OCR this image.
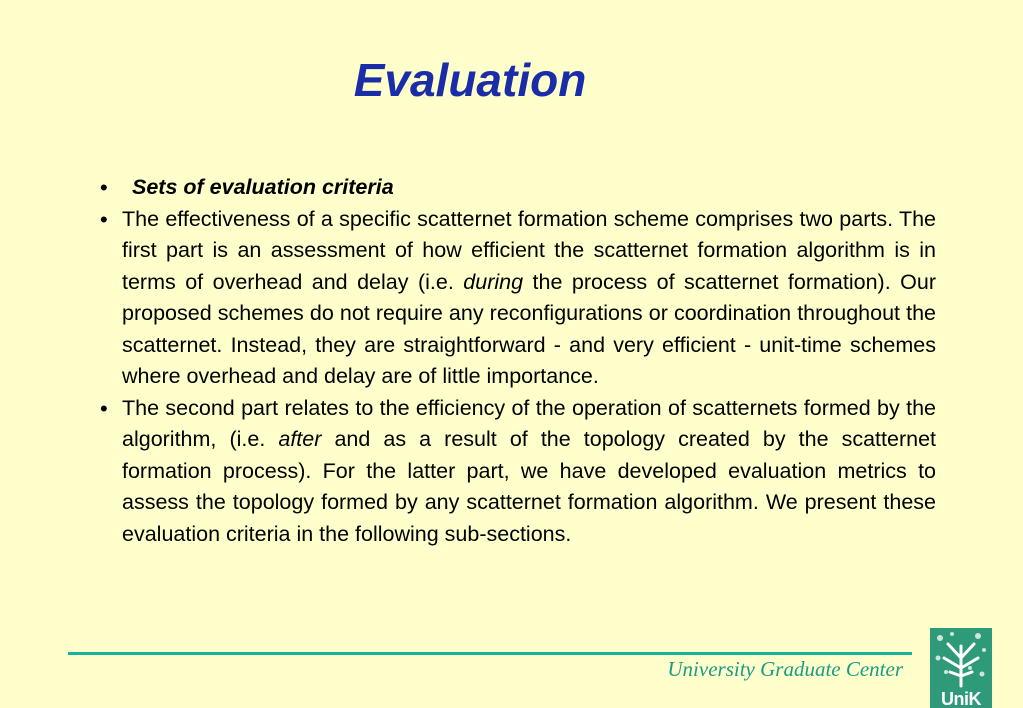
Evaluation
•	Sets of evaluation criteria
• The effectiveness of a specific scatternet formation scheme comprises two parts. The first part is an assessment of how efficient the scatternet formation algorithm is in terms of overhead and delay (i.e. during the process of scatternet formation). Our proposed schemes do not require any reconfigurations or coordination throughout the scatternet. Instead, they are straightforward - and very efficient - unit-time schemes where overhead and delay are of little importance.
• The second part relates to the efficiency of the operation of scatternets formed by the algorithm, (i.e. after and as a result of the topology created by the scatternet formation process). For the latter part, we have developed evaluation metrics to assess the topology formed by any scatternet formation algorithm. We present these evaluation criteria in the following sub-sections.
University Graduate Center
UniK
